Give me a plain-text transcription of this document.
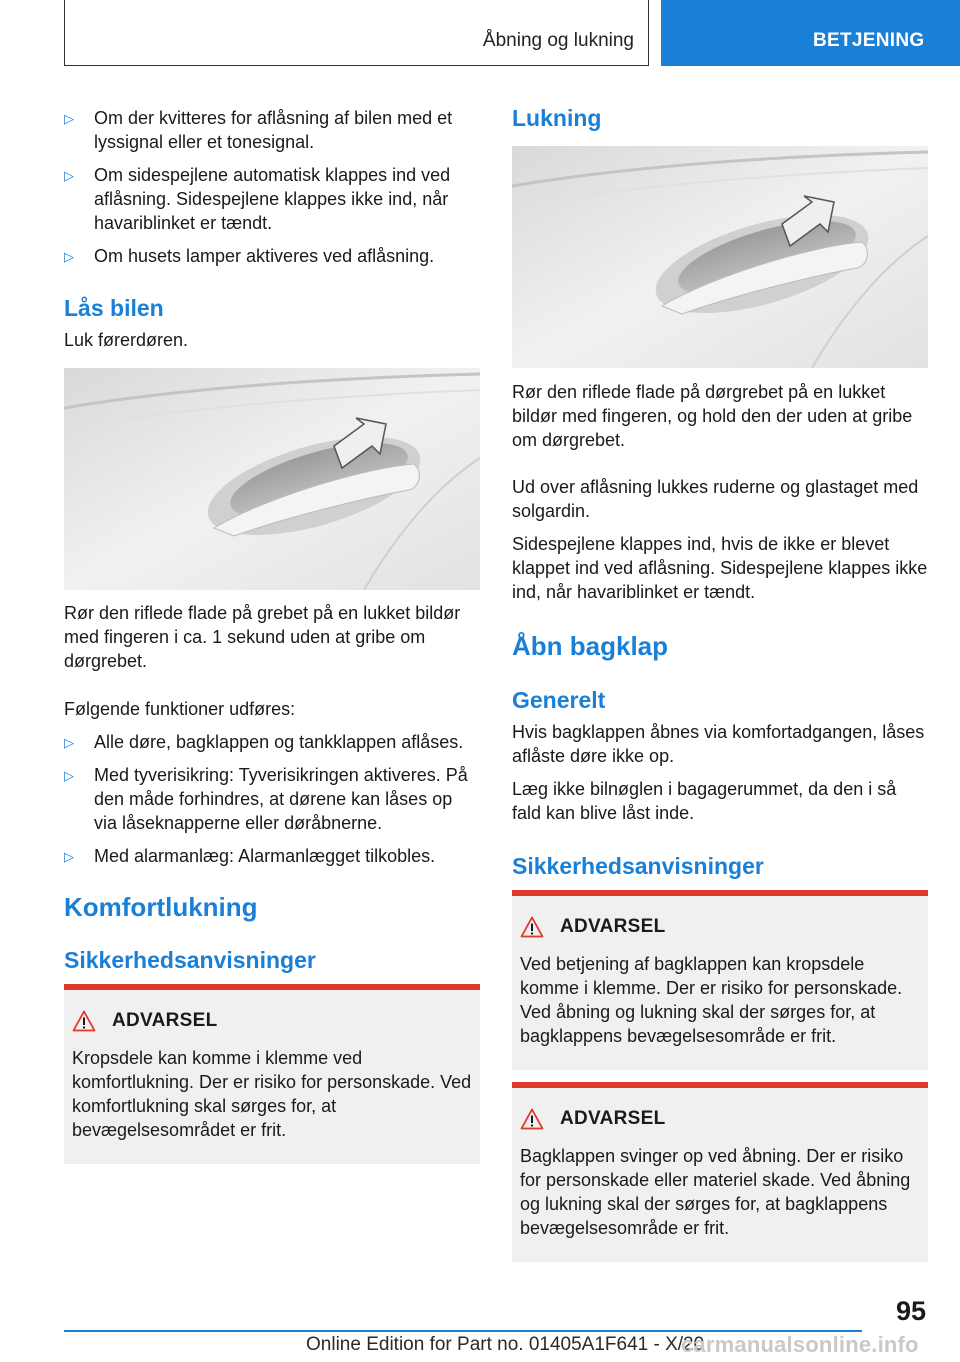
Åbning og lukning	BETJENING
▷ Om der kvitteres for aflåsning af bilen med et lyssignal eller et tonesignal.
▷ Om sidespejlene automatisk klappes ind ved aflåsning. Sidespejlene klappes ikke ind, når havariblinket er tændt.
▷ Om husets lamper aktiveres ved aflåsning.
Lås bilen

Luk førerdøren.

Rør den riflede flade på grebet på en lukket bildør med fingeren i ca. 1 sekund uden at gribe om dørgrebet.

Følgende funktioner udføres:

▷ Alle døre, bagklappen og tankklappen aflåses.
▷ Med tyverisikring: Tyverisikringen aktiveres. På den måde forhindres, at dørene kan låses op via låseknapperne eller døråbnerne.
▷ Med alarmanlæg: Alarmanlægget tilkobles.
Komfortlukning
Sikkerhedsanvisninger
ADVARSEL

Kropsdele kan komme i klemme ved komfortlukning. Der er risiko for personskade. Ved komfortlukning skal sørges for, at bevægelsesområdet er frit.

Lukning

Rør den riflede flade på dørgrebet på en lukket bildør med fingeren, og hold den der uden at gribe om dørgrebet.

Ud over aflåsning lukkes ruderne og glastaget med solgardin.

Sidespejlene klappes ind, hvis de ikke er blevet klappet ind ved aflåsning. Sidespejlene klappes ikke ind, når havariblinket er tændt.

Åbn bagklap
Generelt

Hvis bagklappen åbnes via komfortadgangen, låses aflåste døre ikke op.

Læg ikke bilnøglen i bagagerummet, da den i så fald kan blive låst inde.

Sikkerhedsanvisninger
ADVARSEL

Ved betjening af bagklappen kan kropsdele komme i klemme. Der er risiko for personskade. Ved åbning og lukning skal der sørges for, at bagklappens bevægelsesområde er frit.

ADVARSEL

Bagklappen svinger op ved åbning. Der er risiko for personskade eller materiel skade. Ved åbning og lukning skal der sørges for, at bagklappens bevægelsesområde er frit.

95
Online Edition for Part no. 01405A1F641 - X/20
carmanualsonline.info
